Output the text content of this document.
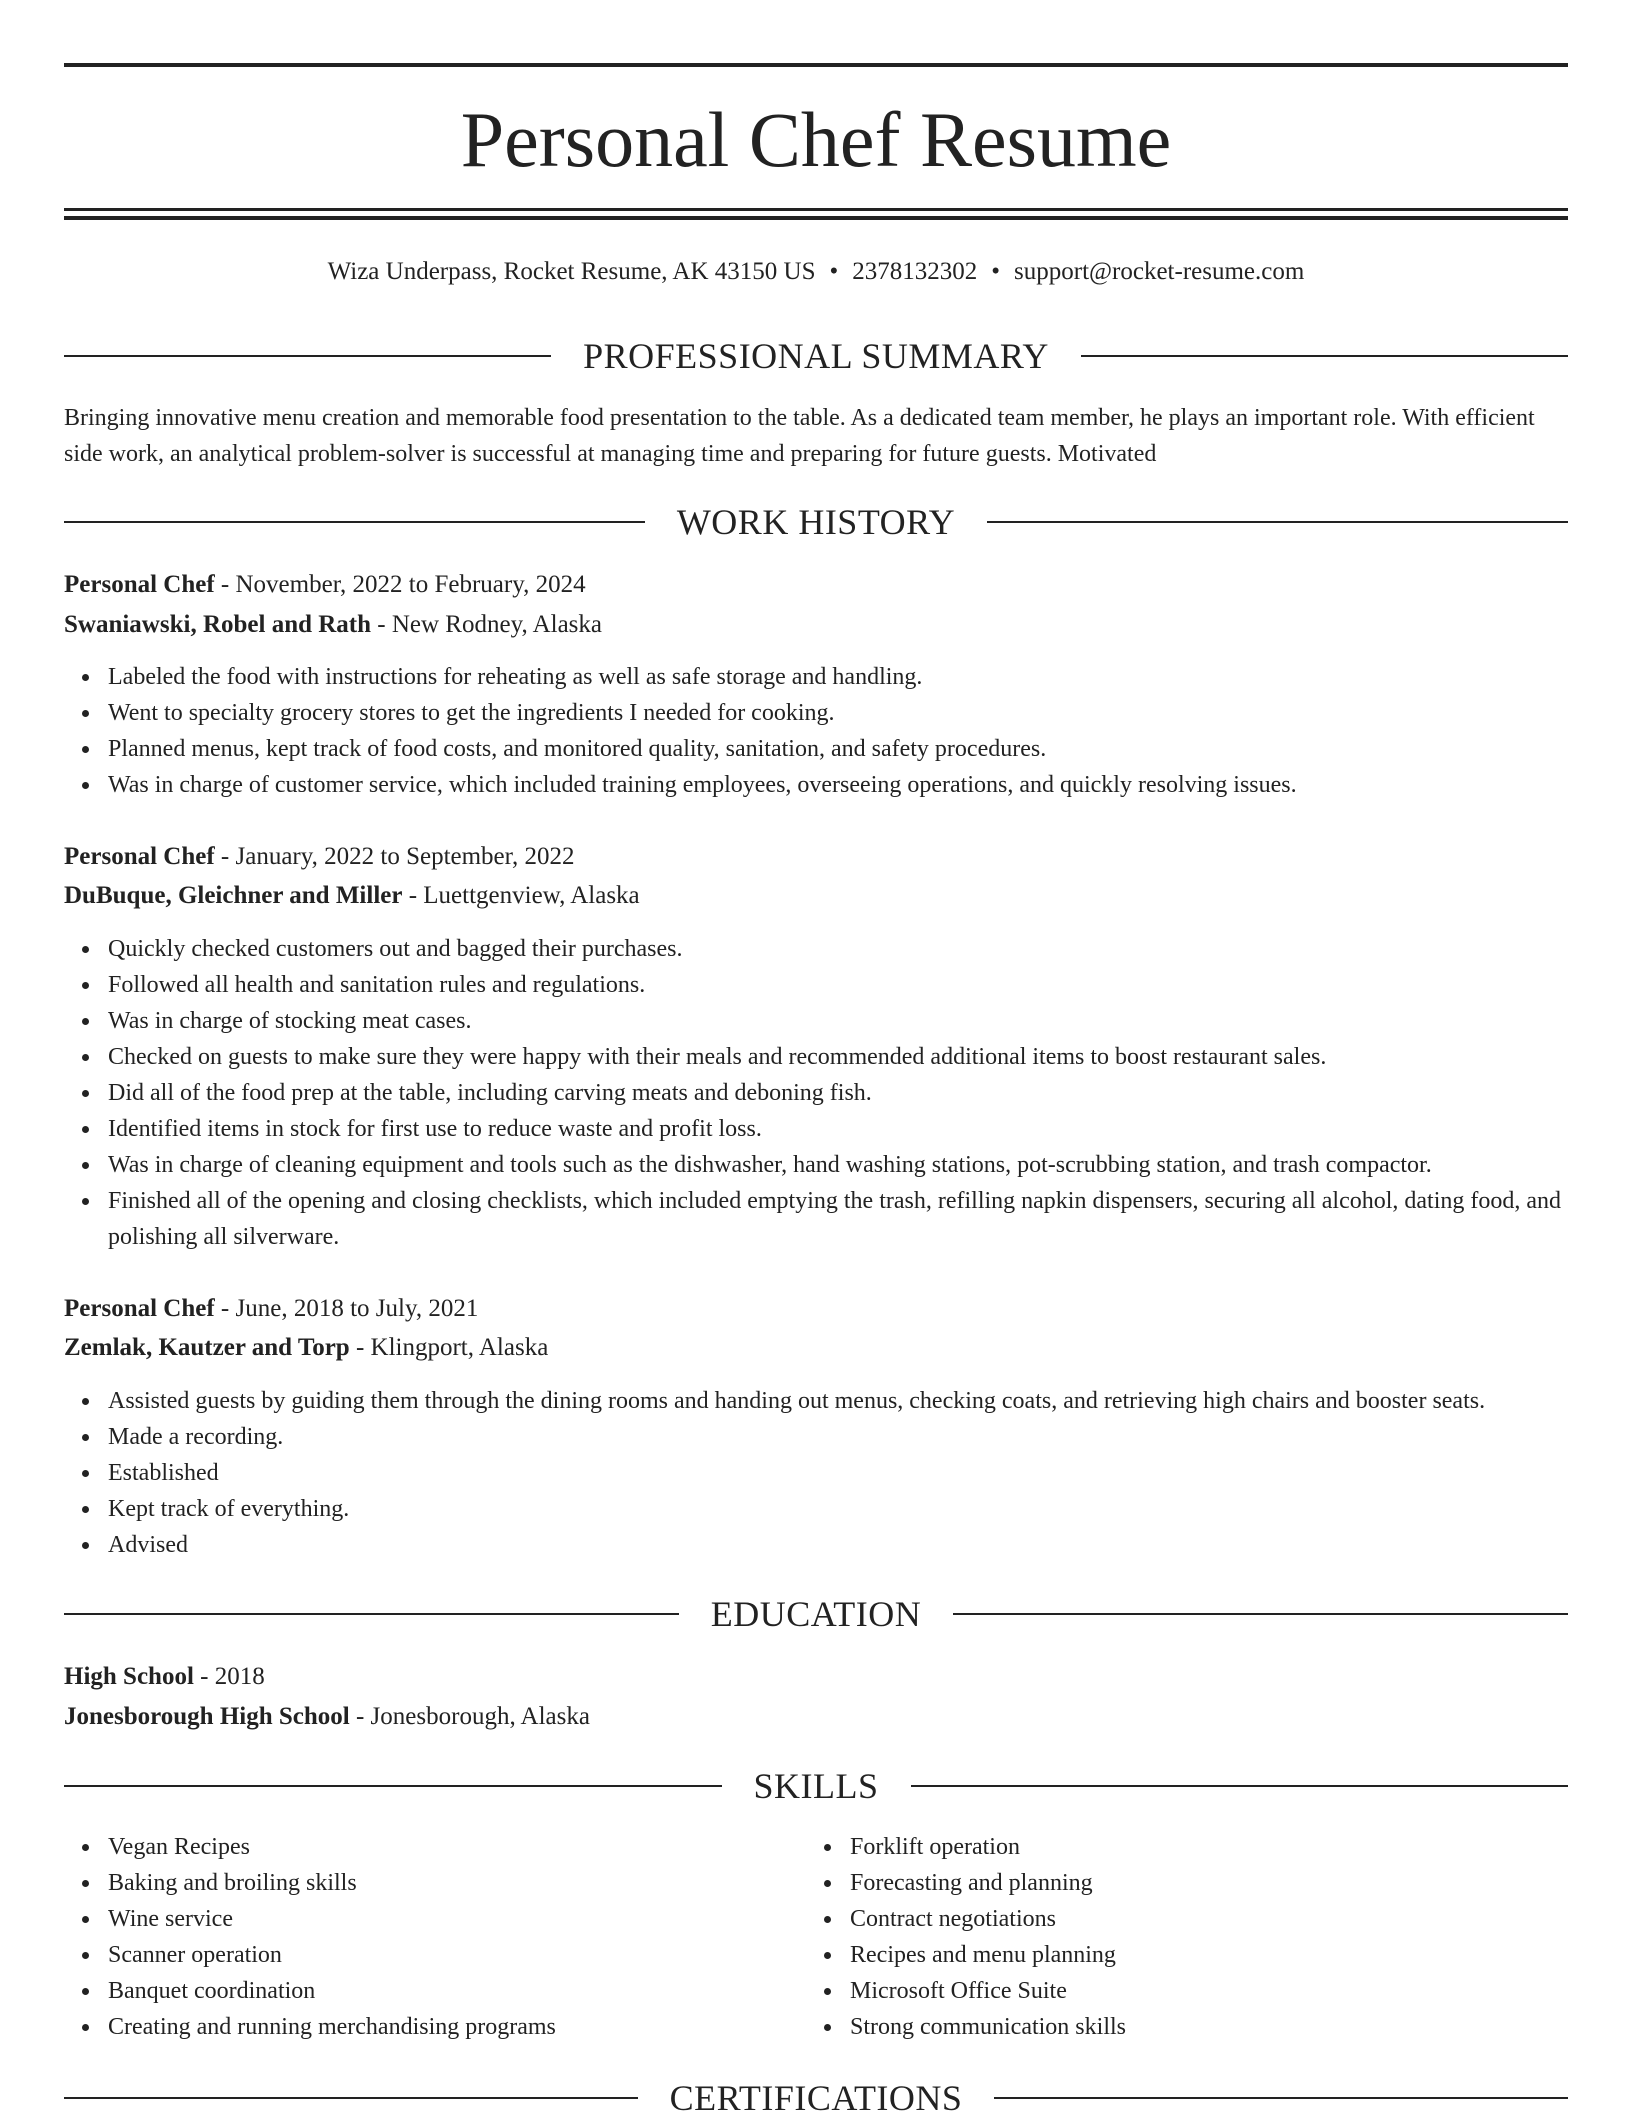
Personal Chef Resume
Wiza Underpass, Rocket Resume, AK 43150 US • 2378132302 • support@rocket-resume.com
PROFESSIONAL SUMMARY
Bringing innovative menu creation and memorable food presentation to the table. As a dedicated team member, he plays an important role. With efficient side work, an analytical problem-solver is successful at managing time and preparing for future guests. Motivated
WORK HISTORY
Personal Chef - November, 2022 to February, 2024
Swaniawski, Robel and Rath - New Rodney, Alaska
Labeled the food with instructions for reheating as well as safe storage and handling.
Went to specialty grocery stores to get the ingredients I needed for cooking.
Planned menus, kept track of food costs, and monitored quality, sanitation, and safety procedures.
Was in charge of customer service, which included training employees, overseeing operations, and quickly resolving issues.
Personal Chef - January, 2022 to September, 2022
DuBuque, Gleichner and Miller - Luettgenview, Alaska
Quickly checked customers out and bagged their purchases.
Followed all health and sanitation rules and regulations.
Was in charge of stocking meat cases.
Checked on guests to make sure they were happy with their meals and recommended additional items to boost restaurant sales.
Did all of the food prep at the table, including carving meats and deboning fish.
Identified items in stock for first use to reduce waste and profit loss.
Was in charge of cleaning equipment and tools such as the dishwasher, hand washing stations, pot-scrubbing station, and trash compactor.
Finished all of the opening and closing checklists, which included emptying the trash, refilling napkin dispensers, securing all alcohol, dating food, and polishing all silverware.
Personal Chef - June, 2018 to July, 2021
Zemlak, Kautzer and Torp - Klingport, Alaska
Assisted guests by guiding them through the dining rooms and handing out menus, checking coats, and retrieving high chairs and booster seats.
Made a recording.
Established
Kept track of everything.
Advised
EDUCATION
High School - 2018
Jonesborough High School - Jonesborough, Alaska
SKILLS
Vegan Recipes
Baking and broiling skills
Wine service
Scanner operation
Banquet coordination
Creating and running merchandising programs
Forklift operation
Forecasting and planning
Contract negotiations
Recipes and menu planning
Microsoft Office Suite
Strong communication skills
CERTIFICATIONS
